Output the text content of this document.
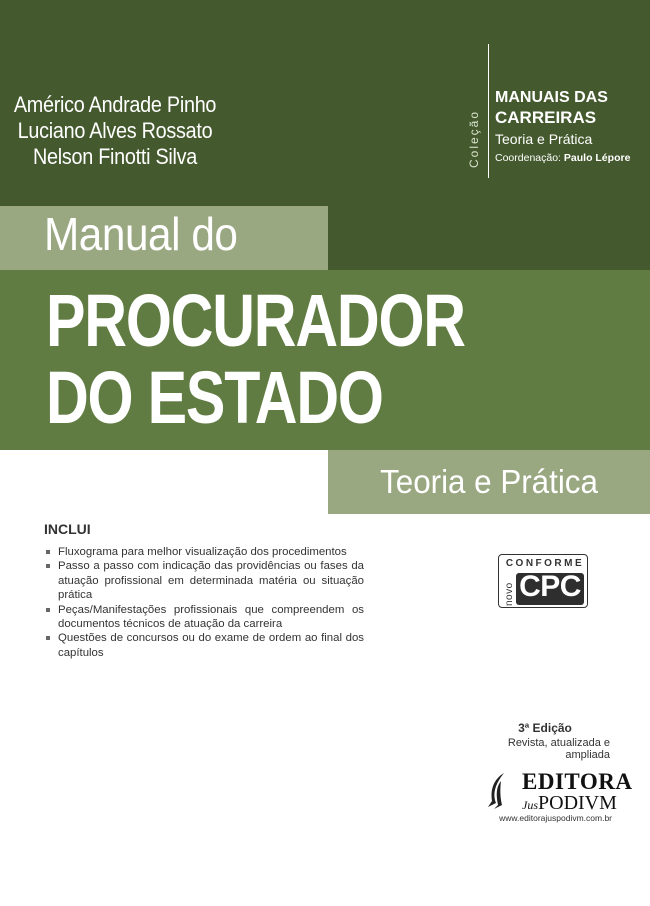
Américo Andrade Pinho
Luciano Alves Rossato
Nelson Finotti Silva	Coleção
MANUAIS DAS
CARREIRAS
Teoria e Prática
Coordenação: Paulo Lépore
Manual do
PROCURADOR
DO ESTADO
Teoria e Prática
INCLUI
Fluxograma para melhor visualização dos procedimentos
Passo a passo com indicação das providências ou fases da atuação profissional em determinada matéria ou situação prática
Peças/Manifestações profissionais que compreendem os documentos técnicos de atuação da carreira
Questões de concursos ou do exame de ordem ao final dos capítulos
CONFORME
novo CPC
3ª Edição
Revista, atualizada e ampliada
EDITORA
JusPODIVM
www.editorajuspodivm.com.br
